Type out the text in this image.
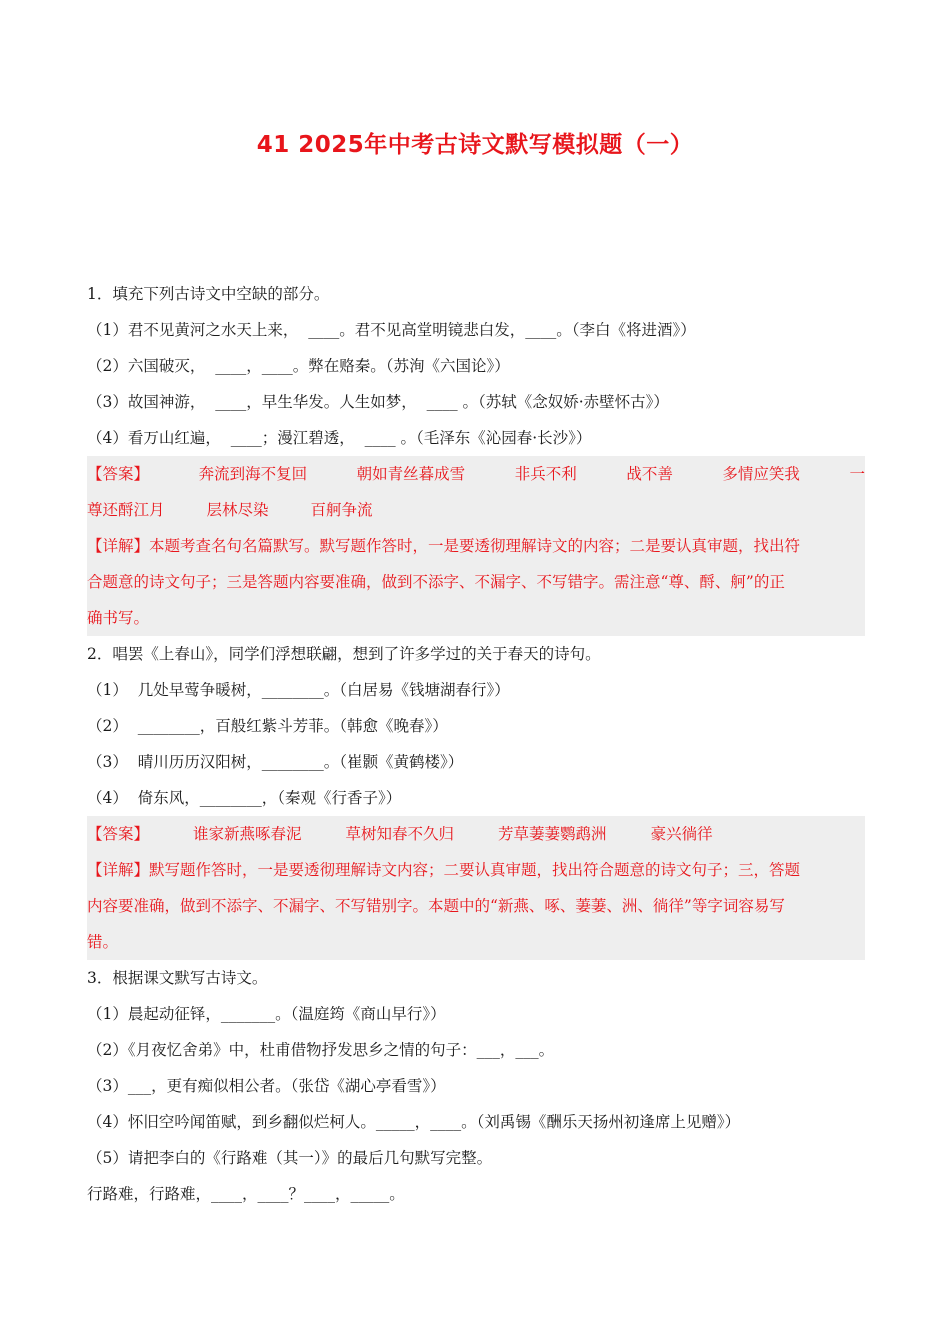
41 2025年中考古诗文默写模拟题（一）
1．填充下列古诗文中空缺的部分。
（1）君不见黄河之水天上来，  ____。君不见高堂明镜悲白发，____。（李白《将进酒》）
（2）六国破灭，  ____，____。弊在赂秦。（苏洵《六国论》）
（3）故国神游，  ____，早生华发。人生如梦，  ____ 。（苏轼《念奴娇·赤壁怀古》）
（4）看万山红遍，  ____；漫江碧透，  ____ 。（毛泽东《沁园春·长沙》）
【答案】	奔流到海不复回	朝如青丝暮成雪	非兵不利	战不善	多情应笑我	一
尊还酹江月	层林尽染	百舸争流
【详解】本题考查名句名篇默写。默写题作答时，一是要透彻理解诗文的内容；二是要认真审题，找出符
合题意的诗文句子；三是答题内容要准确，做到不添字、不漏字、不写错字。需注意“尊、酹、舸”的正
确书写。
2．唱罢《上春山》，同学们浮想联翩，想到了许多学过的关于春天的诗句。
（1）  几处早莺争暖树，________。（白居易《钱塘湖春行》）
（2）  ________，百般红紫斗芳菲。（韩愈《晚春》）
（3）  晴川历历汉阳树，________。（崔颢《黄鹤楼》）
（4）  倚东风，________，（秦观《行香子》）
【答案】	谁家新燕啄春泥	草树知春不久归	芳草萋萋鹦鹉洲	豪兴徜徉
【详解】默写题作答时，一是要透彻理解诗文内容；二要认真审题，找出符合题意的诗文句子；三，答题
内容要准确，做到不添字、不漏字、不写错别字。本题中的“新燕、啄、萋萋、洲、徜徉”等字词容易写
错。
3．根据课文默写古诗文。
（1）晨起动征铎，_______。（温庭筠《商山早行》）
（2）《月夜忆舍弟》中，杜甫借物抒发思乡之情的句子：___，___。
（3）___，更有痴似相公者。（张岱《湖心亭看雪》）
（4）怀旧空吟闻笛赋，到乡翻似烂柯人。_____，____。（刘禹锡《酬乐天扬州初逢席上见赠》）
（5）请把李白的《行路难（其一）》的最后几句默写完整。
行路难，行路难，____，____？____，_____。
